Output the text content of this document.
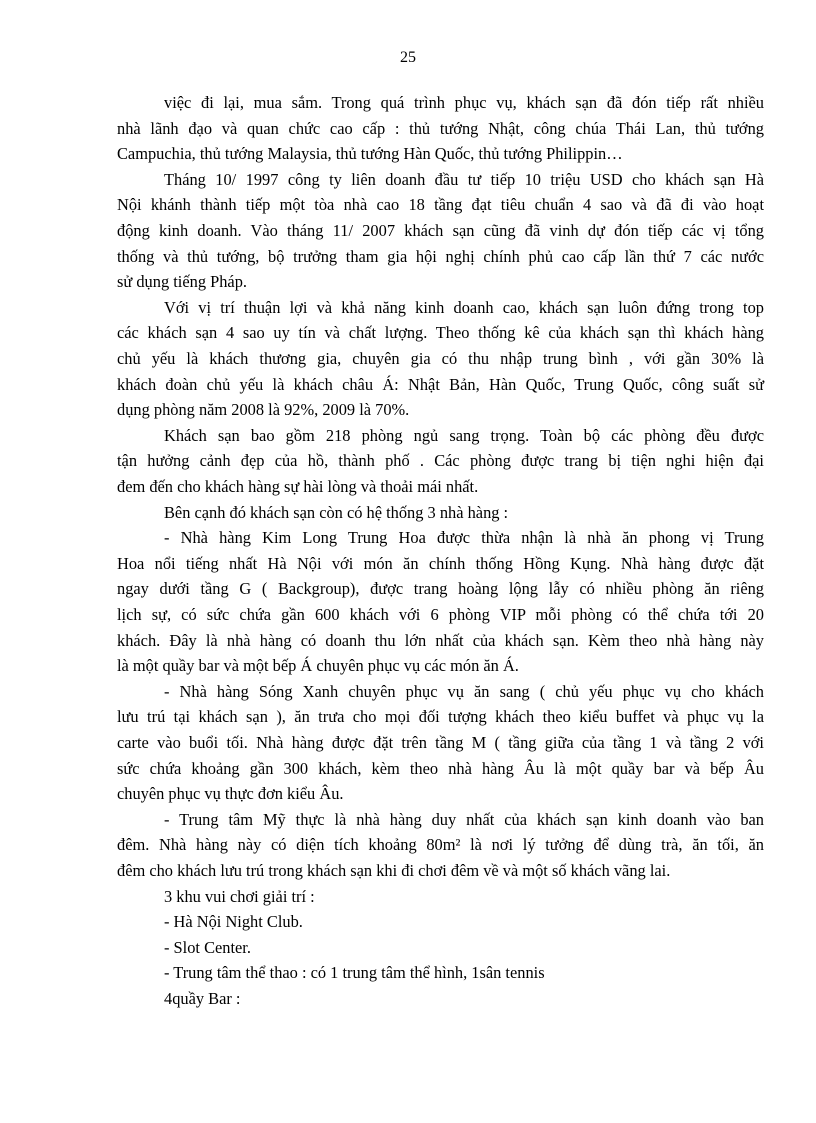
25
việc đi lại, mua sắm. Trong quá trình phục vụ, khách sạn đã đón tiếp rất nhiều
nhà lãnh đạo và quan chức cao cấp : thủ tướng Nhật, công chúa Thái Lan, thủ tướng
Campuchia, thủ tướng Malaysia, thủ tướng Hàn Quốc, thủ tướng Philippin…
Tháng 10/ 1997 công ty liên doanh đầu tư tiếp 10 triệu USD cho khách sạn Hà
Nội khánh thành tiếp một tòa nhà cao 18 tầng đạt tiêu chuẩn 4 sao và đã đi vào hoạt
động kinh doanh. Vào tháng 11/ 2007 khách sạn cũng đã vinh dự đón tiếp các vị tổng
thống và thủ tướng, bộ trưởng tham gia hội nghị chính phủ cao cấp lần thứ 7 các nước
sử dụng tiếng Pháp.
Với vị trí thuận lợi và khả năng kinh doanh cao, khách sạn luôn đứng trong top
các khách sạn 4 sao uy tín và chất lượng. Theo thống kê của khách sạn thì khách hàng
chủ yếu là khách thương gia, chuyên gia có thu nhập trung bình , với gần 30% là
khách đoàn chủ yếu là khách châu Á: Nhật Bản, Hàn Quốc, Trung Quốc, công suất sử
dụng phòng năm 2008 là 92%, 2009 là 70%.
Khách sạn bao gồm 218 phòng ngủ sang trọng. Toàn bộ các phòng đều được
tận hưởng cảnh đẹp của hồ, thành phố . Các phòng được trang bị tiện nghi hiện đại
đem đến cho khách hàng sự hài lòng và thoải mái nhất.
Bên cạnh đó khách sạn còn có hệ thống 3 nhà hàng :
- Nhà hàng Kim Long Trung Hoa được thừa nhận là nhà ăn phong vị Trung
Hoa nổi tiếng nhất Hà Nội với món ăn chính thống Hồng Kụng. Nhà hàng được đặt
ngay dưới tầng G ( Backgroup), được trang hoàng lộng lẫy có nhiều phòng ăn riêng
lịch sự, có sức chứa gần 600 khách với 6 phòng VIP mỗi phòng có thể chứa tới 20
khách. Đây là nhà hàng có doanh thu lớn nhất của khách sạn. Kèm theo nhà hàng này
là một quầy bar và một bếp Á chuyên phục vụ các món ăn Á.
- Nhà hàng Sóng Xanh chuyên phục vụ ăn sang ( chủ yếu phục vụ cho khách
lưu trú tại khách sạn ), ăn trưa cho mọi đối tượng khách theo kiểu buffet và phục vụ la
carte vào buổi tối. Nhà hàng được đặt trên tầng M ( tầng giữa của tầng 1 và tầng 2 với
sức chứa khoảng gần 300 khách, kèm theo nhà hàng Âu là một quầy bar và bếp Âu
chuyên phục vụ thực đơn kiểu Âu.
- Trung tâm Mỹ thực là nhà hàng duy nhất của khách sạn kinh doanh vào ban
đêm. Nhà hàng này có diện tích khoảng 80m² là nơi lý tưởng để dùng trà, ăn tối, ăn
đêm cho khách lưu trú trong khách sạn khi đi chơi đêm về và một số khách vãng lai.
3 khu vui chơi giải trí :
- Hà Nội Night Club.
- Slot Center.
- Trung tâm thể thao : có 1 trung tâm thể hình, 1sân tennis
4quầy Bar :
